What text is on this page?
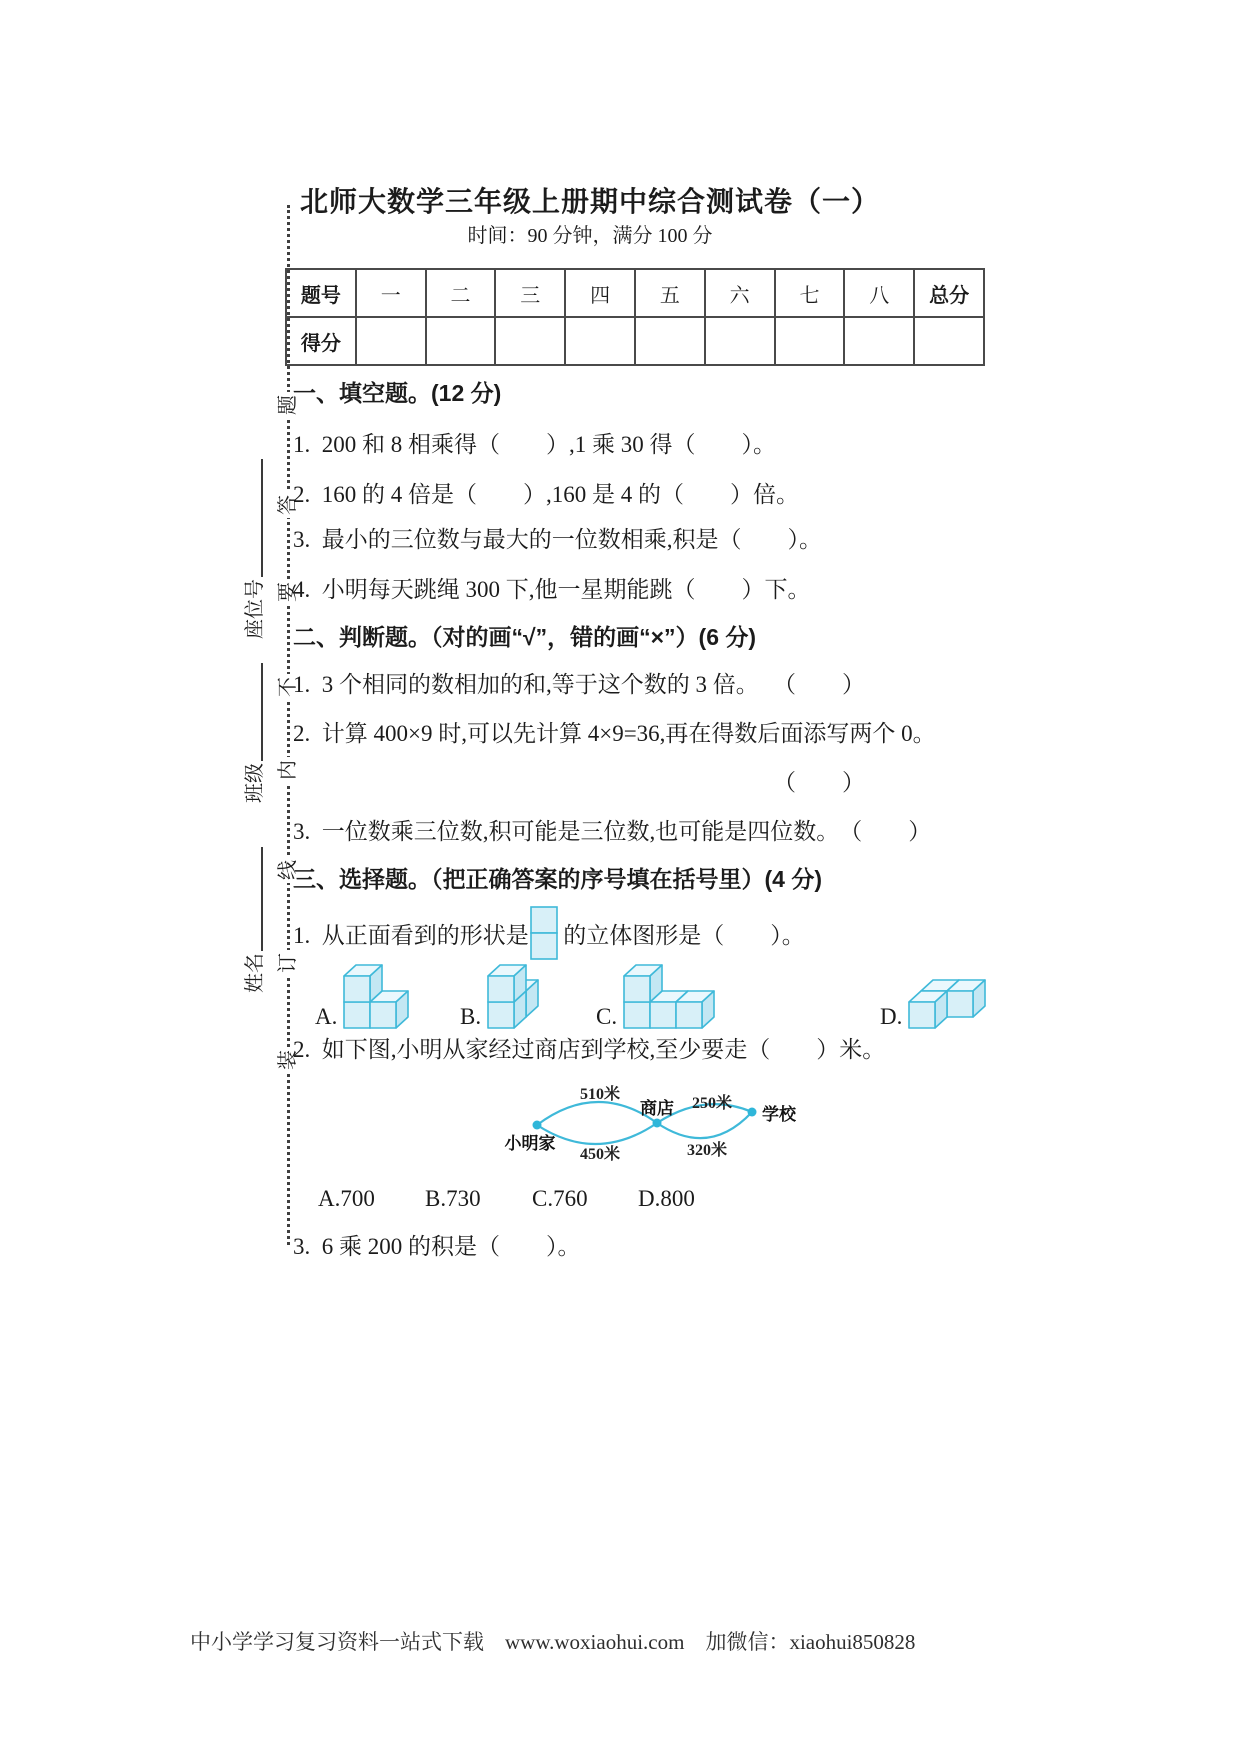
座位号
班级
姓名
题
答
要
不
内
线
订
装
北师大数学三年级上册期中综合测试卷（一）
时间：90 分钟，满分 100 分
题号	一	二	三	四	五	六	七	八	总分
得分									
一、填空题。(12 分)
1.  200 和 8 相乘得（　　）,1 乘 30 得（　　）。
2.  160 的 4 倍是（　　）,160 是 4 的（　　）倍。
3.  最小的三位数与最大的一位数相乘,积是（　　）。
4.  小明每天跳绳 300 下,他一星期能跳（　　）下。
二、判断题。（对的画“√”，错的画“×”）(6 分)
1.  3 个相同的数相加的和,等于这个数的 3 倍。 （　　）
2.  计算 400×9 时,可以先计算 4×9=36,再在得数后面添写两个 0。
（　　）
3.  一位数乘三位数,积可能是三位数,也可能是四位数。 （　　）
三、选择题。（把正确答案的序号填在括号里）(4 分)
1.  从正面看到的形状是

的立体图形是（　　）。
A.	B.	C.	D.
2.  如下图,小明从家经过商店到学校,至少要走（　　）米。
510米
450米
250米
320米
商店	学校
小明家
A.700 B.730 C.760 D.800
3.  6 乘 200 的积是（　　）。
中小学学习复习资料一站式下载    www.woxiaohui.com    加微信：xiaohui850828
